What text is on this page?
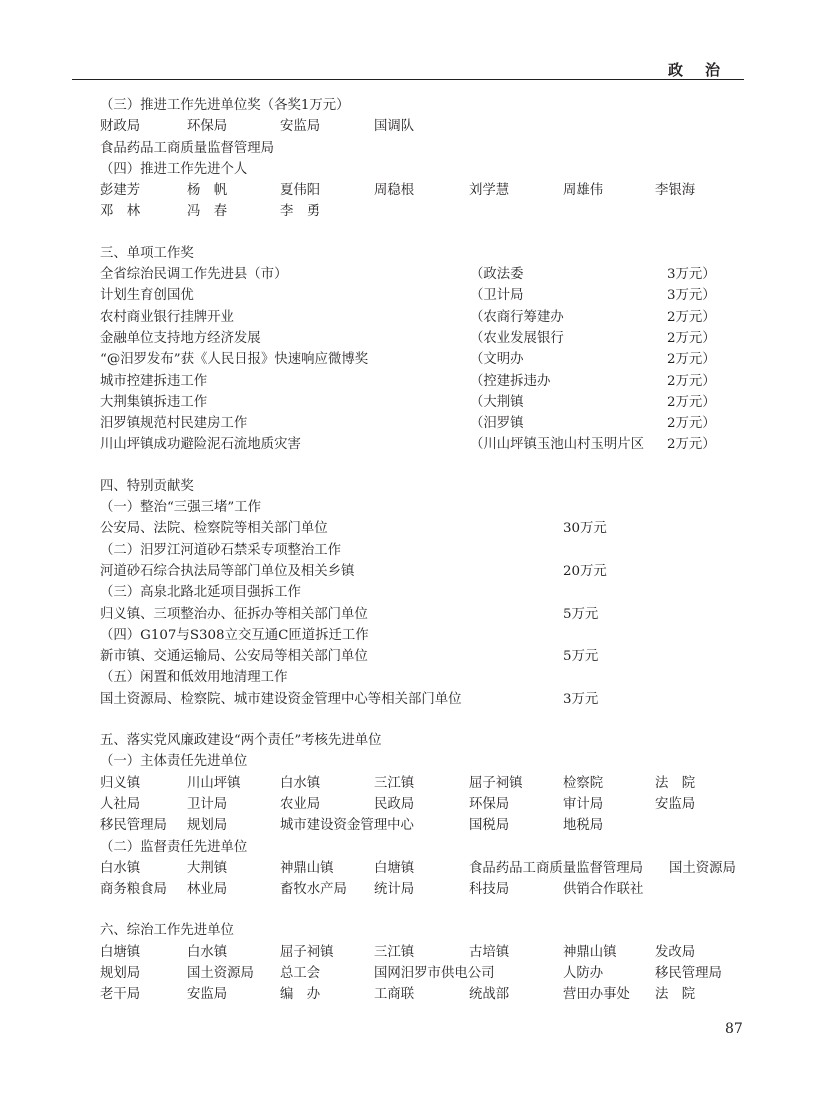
政治
（三）推进工作先进单位奖（各奖1万元）
财政局	环保局	安监局	国调队
食品药品工商质量监督管理局
（四）推进工作先进个人
彭建芳	杨　帆	夏伟阳	周稳根	刘学慧	周雄伟	李银海
邓　林	冯　春	李　勇
三、单项工作奖
全省综治民调工作先进县（市）	（政法委	3万元）
计划生育创国优	（卫计局	3万元）
农村商业银行挂牌开业	（农商行筹建办	2万元）
金融单位支持地方经济发展	（农业发展银行	2万元）
“@汨罗发布”获《人民日报》快速响应微博奖	（文明办	2万元）
城市控建拆违工作	（控建拆违办	2万元）
大荆集镇拆违工作	（大荆镇	2万元）
汨罗镇规范村民建房工作	（汨罗镇	2万元）
川山坪镇成功避险泥石流地质灾害	（川山坪镇玉池山村玉明片区 2万元）
四、特别贡献奖
（一）整治“三强三堵”工作
公安局、法院、检察院等相关部门单位	30万元
（二）汨罗江河道砂石禁采专项整治工作
河道砂石综合执法局等部门单位及相关乡镇	20万元
（三）高泉北路北延项目强拆工作
归义镇、三项整治办、征拆办等相关部门单位	5万元
（四）G107与S308立交互通C匝道拆迁工作
新市镇、交通运输局、公安局等相关部门单位	5万元
（五）闲置和低效用地清理工作
国土资源局、检察院、城市建设资金管理中心等相关部门单位	3万元
五、落实党风廉政建设“两个责任”考核先进单位
（一）主体责任先进单位
归义镇	川山坪镇	白水镇	三江镇	屈子祠镇	检察院	法　院
人社局	卫计局	农业局	民政局	环保局	审计局	安监局
移民管理局 规划局	城市建设资金管理中心	国税局	地税局
（二）监督责任先进单位
白水镇	大荆镇	神鼎山镇	白塘镇	食品药品工商质量监督管理局 国土资源局
商务粮食局 林业局	畜牧水产局 统计局	科技局	供销合作联社
六、综治工作先进单位
白塘镇	白水镇	屈子祠镇	三江镇	古培镇	神鼎山镇	发改局
规划局	国土资源局 总工会	国网汨罗市供电公司	人防办	移民管理局
老干局	安监局	编　办	工商联	统战部	营田办事处 法　院
87
